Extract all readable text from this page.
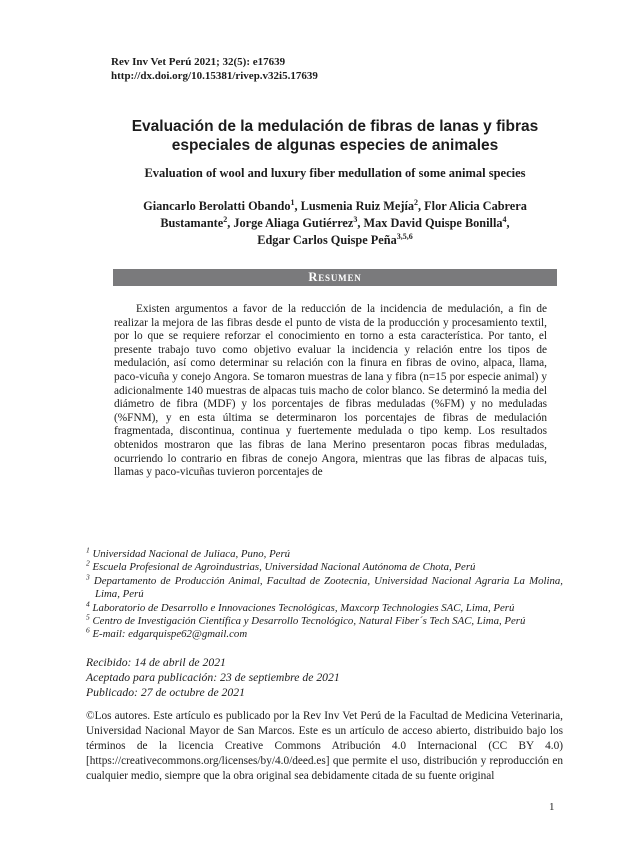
Rev Inv Vet Perú 2021; 32(5): e17639
http://dx.doi.org/10.15381/rivep.v32i5.17639
Evaluación de la medulación de fibras de lanas y fibras especiales de algunas especies de animales
Evaluation of wool and luxury fiber medullation of some animal species
Giancarlo Berolatti Obando$^1$, Lusmenia Ruiz Mejía$^2$, Flor Alicia Cabrera
Bustamante$^2$, Jorge Aliaga Gutiérrez$^3$, Max David Quispe Bonilla$^4$,
Edgar Carlos Quispe Peña$^{3,5,6}$
Resumen

Existen argumentos a favor de la reducción de la incidencia de medulación, a fin de realizar la mejora de las fibras desde el punto de vista de la producción y procesamiento textil, por lo que se requiere reforzar el conocimiento en torno a esta característica. Por tanto, el presente trabajo tuvo como objetivo evaluar la incidencia y relación entre los tipos de medulación, así como determinar su relación con la finura en fibras de ovino, alpaca, llama, paco-vicuña y conejo Angora. Se tomaron muestras de lana y fibra (n=15 por especie animal) y adicionalmente 140 muestras de alpacas tuis macho de color blanco. Se determinó la media del diámetro de fibra (MDF) y los porcentajes de fibras meduladas (%FM) y no meduladas (%FNM), y en esta última se determinaron los porcentajes de fibras de medulación fragmentada, discontinua, continua y fuertemente medulada o tipo kemp. Los resultados obtenidos mostraron que las fibras de lana Merino presentaron pocas fibras meduladas, ocurriendo lo contrario en fibras de conejo Angora, mientras que las fibras de alpacas tuis, llamas y paco-vicuñas tuvieron porcentajes de

$^1$ Universidad Nacional de Juliaca, Puno, Perú
$^2$ Escuela Profesional de Agroindustrias, Universidad Nacional Autónoma de Chota, Perú
$^3$ Departamento de Producción Animal, Facultad de Zootecnia, Universidad Nacional Agraria La Molina, Lima, Perú
$^4$ Laboratorio de Desarrollo e Innovaciones Tecnológicas, Maxcorp Technologies SAC, Lima, Perú
$^5$ Centro de Investigación Científica y Desarrollo Tecnológico, Natural Fiber´s Tech SAC, Lima, Perú
$^6$ E-mail: edgarquispe62@gmail.com
Recibido: 14 de abril de 2021
Aceptado para publicación: 23 de septiembre de 2021
Publicado: 27 de octubre de 2021

©Los autores. Este artículo es publicado por la Rev Inv Vet Perú de la Facultad de Medicina Veterinaria, Universidad Nacional Mayor de San Marcos. Este es un artículo de acceso abierto, distribuido bajo los términos de la licencia Creative Commons Atribución 4.0 Internacional (CC BY 4.0) [https://creativecommons.org/licenses/by/4.0/deed.es] que permite el uso, distribución y reproducción en cualquier medio, siempre que la obra original sea debidamente citada de su fuente original

1
